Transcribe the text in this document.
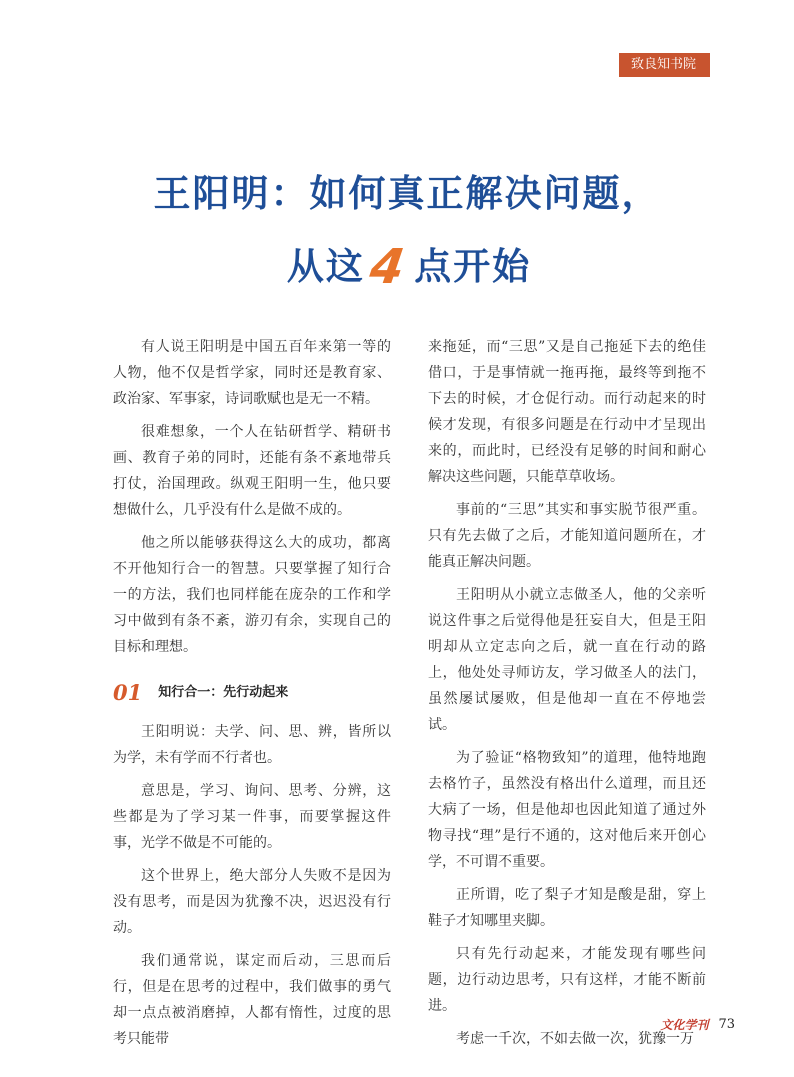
致良知书院
王阳明：如何真正解决问题，
从这4 点开始

有人说王阳明是中国五百年来第一等的人物，他不仅是哲学家，同时还是教育家、政治家、军事家，诗词歌赋也是无一不精。

很难想象，一个人在钻研哲学、精研书画、教育子弟的同时，还能有条不紊地带兵打仗，治国理政。纵观王阳明一生，他只要想做什么，几乎没有什么是做不成的。

他之所以能够获得这么大的成功，都离不开他知行合一的智慧。只要掌握了知行合一的方法，我们也同样能在庞杂的工作和学习中做到有条不紊，游刃有余，实现自己的目标和理想。

01 知行合一：先行动起来

王阳明说：夫学、问、思、辨，皆所以为学，未有学而不行者也。

意思是，学习、询问、思考、分辨，这些都是为了学习某一件事，而要掌握这件事，光学不做是不可能的。

这个世界上，绝大部分人失败不是因为没有思考，而是因为犹豫不决，迟迟没有行动。

我们通常说，谋定而后动，三思而后行，但是在思考的过程中，我们做事的勇气却一点点被消磨掉，人都有惰性，过度的思考只能带

来拖延，而“三思”又是自己拖延下去的绝佳借口，于是事情就一拖再拖，最终等到拖不下去的时候，才仓促行动。而行动起来的时候才发现，有很多问题是在行动中才呈现出来的，而此时，已经没有足够的时间和耐心解决这些问题，只能草草收场。

事前的“三思”其实和事实脱节很严重。只有先去做了之后，才能知道问题所在，才能真正解决问题。

王阳明从小就立志做圣人，他的父亲听说这件事之后觉得他是狂妄自大，但是王阳明却从立定志向之后，就一直在行动的路上，他处处寻师访友，学习做圣人的法门，虽然屡试屡败，但是他却一直在不停地尝试。

为了验证“格物致知”的道理，他特地跑去格竹子，虽然没有格出什么道理，而且还大病了一场，但是他却也因此知道了通过外物寻找“理”是行不通的，这对他后来开创心学，不可谓不重要。

正所谓，吃了梨子才知是酸是甜，穿上鞋子才知哪里夹脚。

只有先行动起来，才能发现有哪些问题，边行动边思考，只有这样，才能不断前进。

考虑一千次，不如去做一次，犹豫一万

文化学刊 73
